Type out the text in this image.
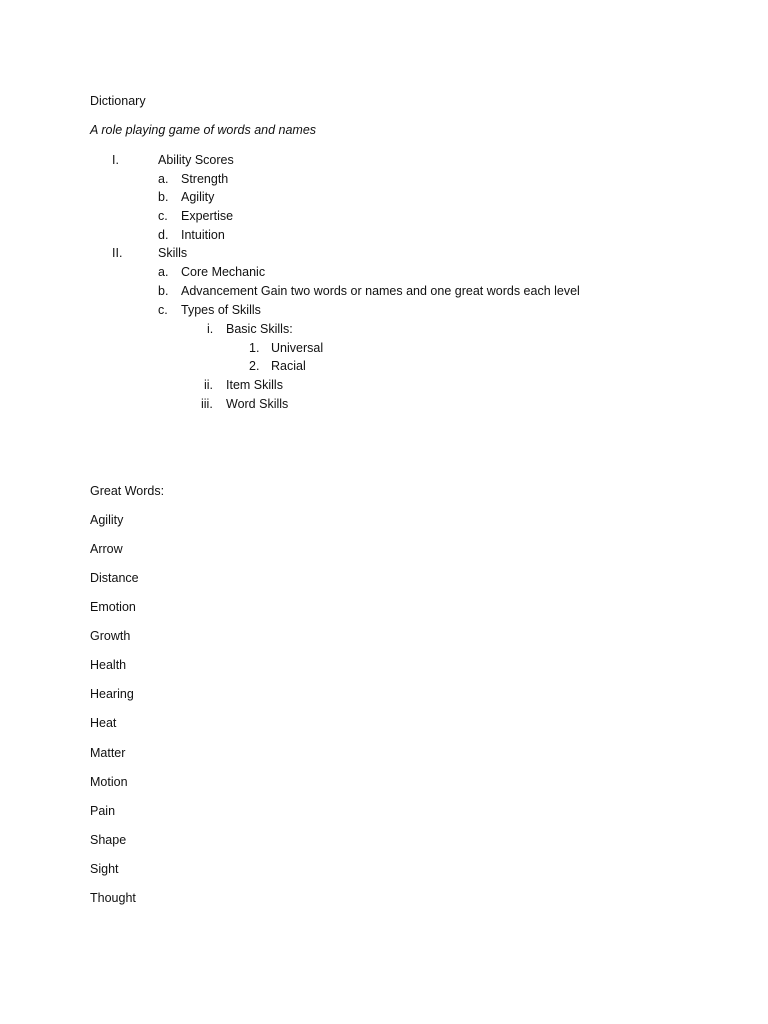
Dictionary
A role playing game of words and names
I.	Ability Scores
a. Strength
b. Agility
c. Expertise
d. Intuition
II.	Skills
a. Core Mechanic
b. Advancement Gain two words or names and one great words each level
c. Types of Skills
i. Basic Skills:
1. Universal
2. Racial
ii. Item Skills
iii. Word Skills
Great Words:
Agility
Arrow
Distance
Emotion
Growth
Health
Hearing
Heat
Matter
Motion
Pain
Shape
Sight
Thought
